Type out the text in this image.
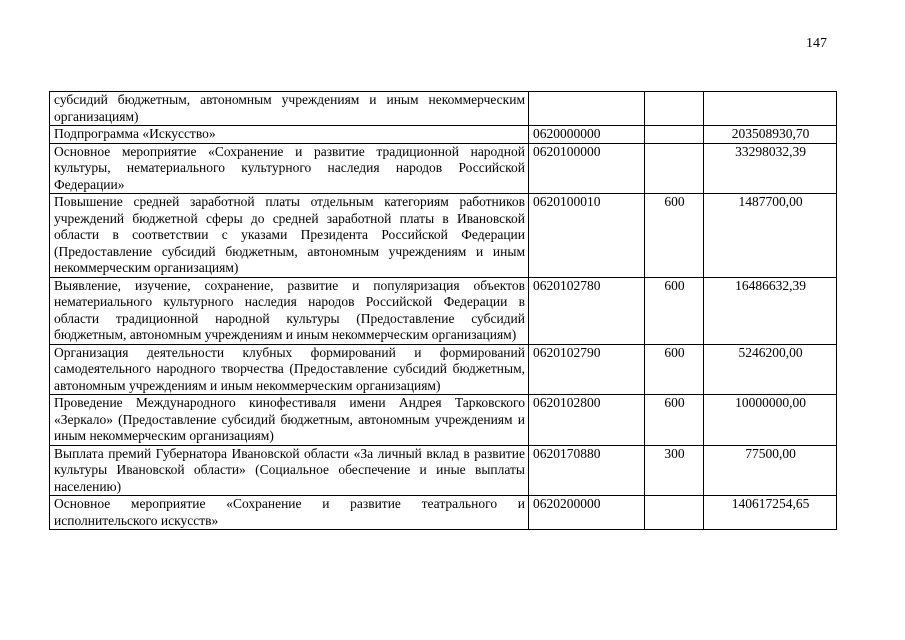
147
субсидий бюджетным, автономным учреждениям и иным некоммерческим организациям)			
Подпрограмма «Искусство»	0620000000		203508930,70
Основное мероприятие «Сохранение и развитие традиционной народной культуры, нематериального культурного наследия народов Российской Федерации»	0620100000		33298032,39
Повышение средней заработной платы отдельным категориям работников учреждений бюджетной сферы до средней заработной платы в Ивановской области в соответствии с указами Президента Российской Федерации (Предоставление субсидий бюджетным, автономным учреждениям и иным некоммерческим организациям)	0620100010	600	1487700,00
Выявление, изучение, сохранение, развитие и популяризация объектов нематериального культурного наследия народов Российской Федерации в области традиционной народной культуры (Предоставление субсидий бюджетным, автономным учреждениям и иным некоммерческим организациям)	0620102780	600	16486632,39
Организация деятельности клубных формирований и формирований самодеятельного народного творчества (Предоставление субсидий бюджетным, автономным учреждениям и иным некоммерческим организациям)	0620102790	600	5246200,00
Проведение Международного кинофестиваля имени Андрея Тарковского «Зеркало» (Предоставление субсидий бюджетным, автономным учреждениям и иным некоммерческим организациям)	0620102800	600	10000000,00
Выплата премий Губернатора Ивановской области «За личный вклад в развитие культуры Ивановской области» (Социальное обеспечение и иные выплаты населению)	0620170880	300	77500,00
Основное мероприятие «Сохранение и развитие театрального и исполнительского искусств»	0620200000		140617254,65
